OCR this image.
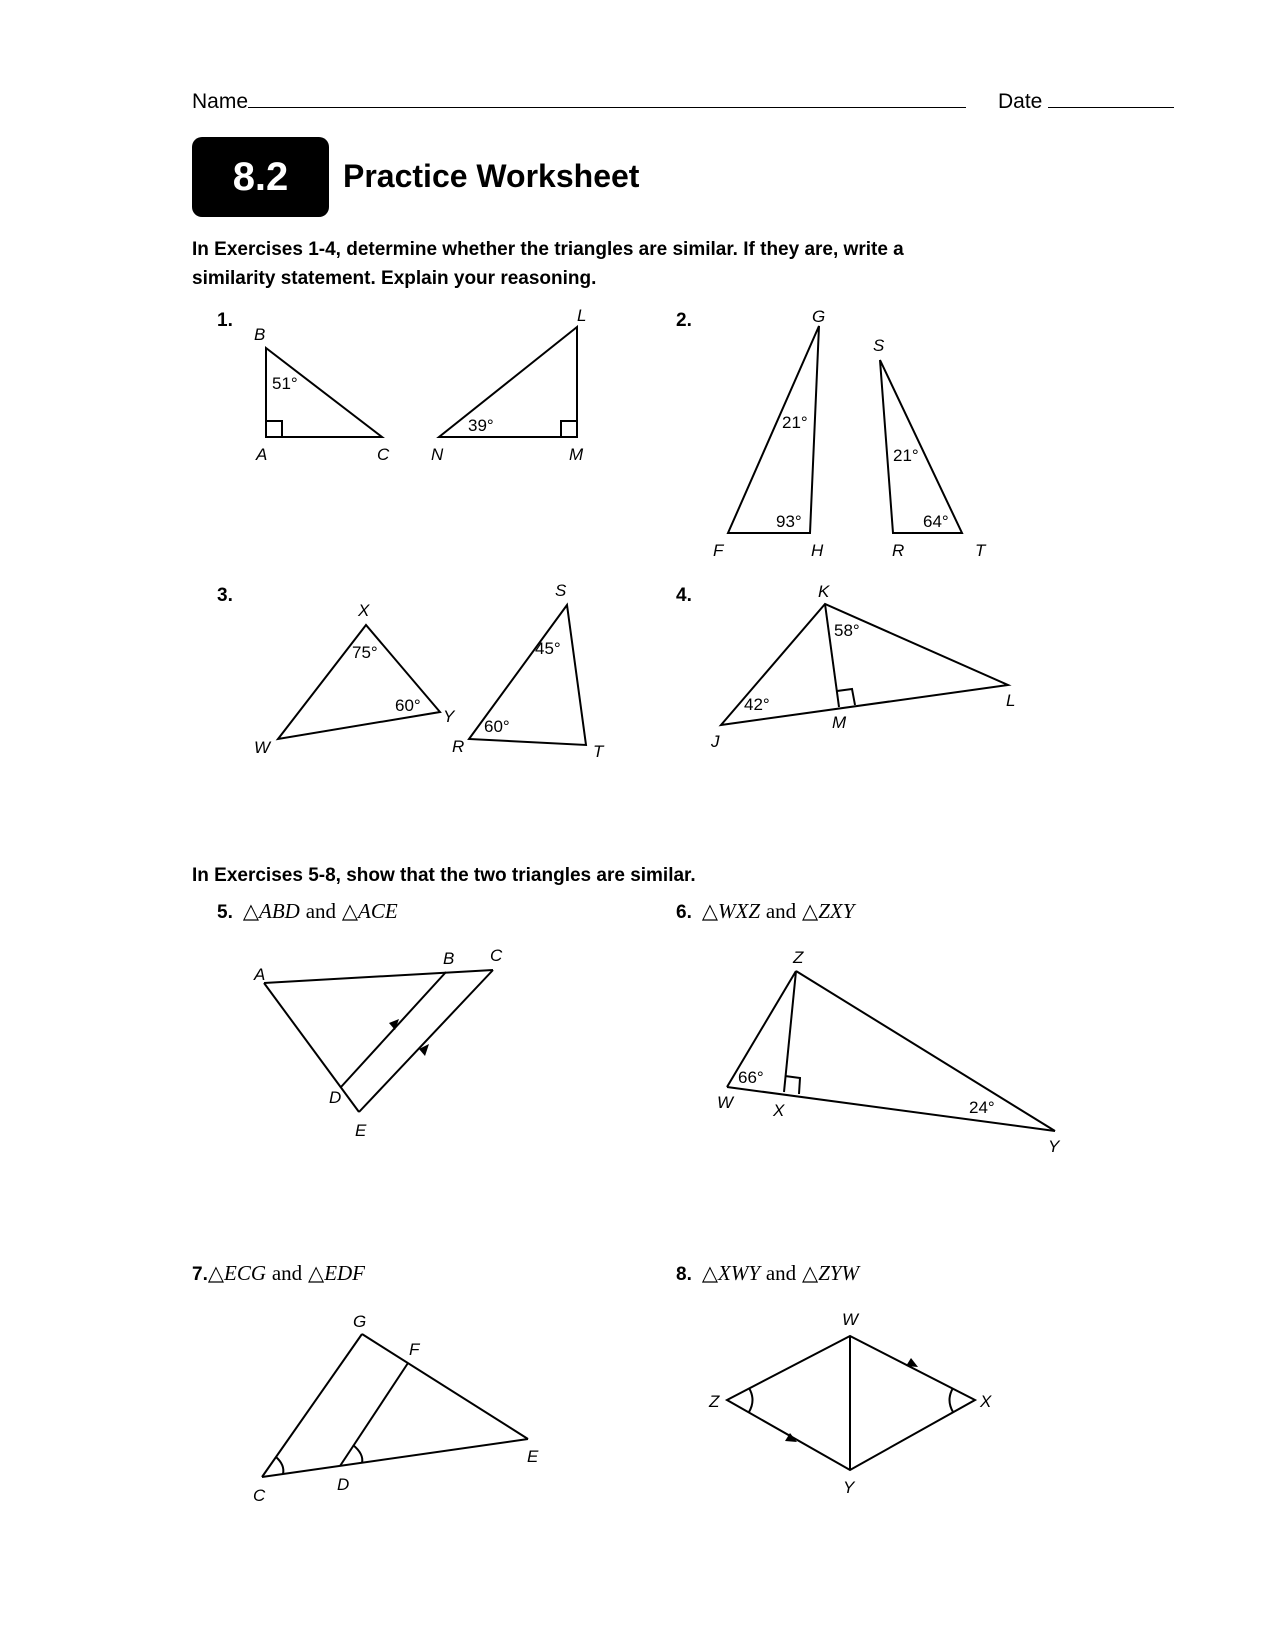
Name	Date
8.2 Practice Worksheet
In Exercises 1-4, determine whether the triangles are similar. If they are, write a similarity statement. Explain your reasoning.
1.	2.
3.	4.
B
A	C
51°
L
N	M
39°
G
F	H
21°
93°
S
R	T
21°
64°
X
W
Y
75°
60°
S
R	T
45°
60°
K
J
L
M
58°
42°
In Exercises 5-8, show that the two triangles are similar.
5. △ABD and △ACE	6. △WXZ and △ZXY
7.△ECG and △EDF	8. △XWY and △ZYW
A
B C
D
E
Z
W X
Y
66°
24°
G
F
C
D
E
W
Z	X
Y
